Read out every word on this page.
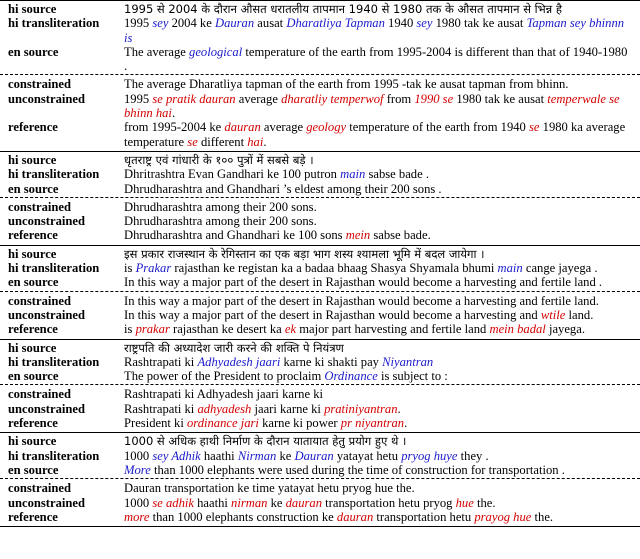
hi source	1995 से 2004 के दौरान औसत धरातलीय तापमान 1940 से 1980 तक के औसत तापमान से भिन्न है
hi transliteration	1995 sey 2004 ke Dauran ausat Dharatliya Tapman 1940 sey 1980 tak ke ausat Tapman sey bhinnn is
en source	The average geological temperature of the earth from 1995-2004 is different than that of 1940-1980 .
constrained	The average Dharatliya tapman of the earth from 1995 -tak ke ausat tapman from bhinn.
unconstrained	1995 se pratik dauran average dharatliy temperwof from 1990 se 1980 tak ke ausat temperwale se bhinn hai.
reference	from 1995-2004 ke dauran average geology temperature of the earth from 1940 se 1980 ka average temperature se different hai.
hi source	धृतराष्ट्र एवं गांधारी के १०० पुत्रों में सबसे बड़े ।
hi transliteration	Dhritrashtra Evan Gandhari ke 100 putron main sabse bade .
en source	Dhrudharashtra and Ghandhari ’s eldest among their 200 sons .
constrained	Dhrudharashtra among their 200 sons.
unconstrained	Dhrudharashtra among their 200 sons.
reference	Dhrudharashtra and Ghandhari ke 100 sons mein sabse bade.
hi source	इस प्रकार राजस्थान के रेगिस्तान का एक बड़ा भाग शस्य श्यामला भूमि में बदल जायेगा ।
hi transliteration	is Prakar rajasthan ke registan ka a badaa bhaag Shasya Shyamala bhumi main cange jayega .
en source	In this way a major part of the desert in Rajasthan would become a harvesting and fertile land .
constrained	In this way a major part of the desert in Rajasthan would become a harvesting and fertile land.
unconstrained	In this way a major part of the desert in Rajasthan would become a harvesting and wtile land.
reference	is prakar rajasthan ke desert ka ek major part harvesting and fertile land mein badal jayega.
hi source	राष्ट्रपति की अध्यादेश जारी करने की शक्ति पे नियंत्रण
hi transliteration	Rashtrapati ki Adhyadesh jaari karne ki shakti pay Niyantran
en source	The power of the President to proclaim Ordinance is subject to :
constrained	Rashtrapati ki Adhyadesh jaari karne ki
unconstrained	Rashtrapati ki adhyadesh jaari karne ki pratiniyantran.
reference	President ki ordinance jari karne ki power pr niyantran.
hi source	1000 से अधिक हाथी निर्माण के दौरान यातायात हेतु प्रयोग हुए थे ।
hi transliteration	1000 sey Adhik haathi Nirman ke Dauran yatayat hetu pryog huye they .
en source	More than 1000 elephants were used during the time of construction for transportation .
constrained	Dauran transportation ke time yatayat hetu pryog hue the.
unconstrained	1000 se adhik haathi nirman ke dauran transportation hetu pryog hue the.
reference	more than 1000 elephants construction ke dauran transportation hetu prayog hue the.
